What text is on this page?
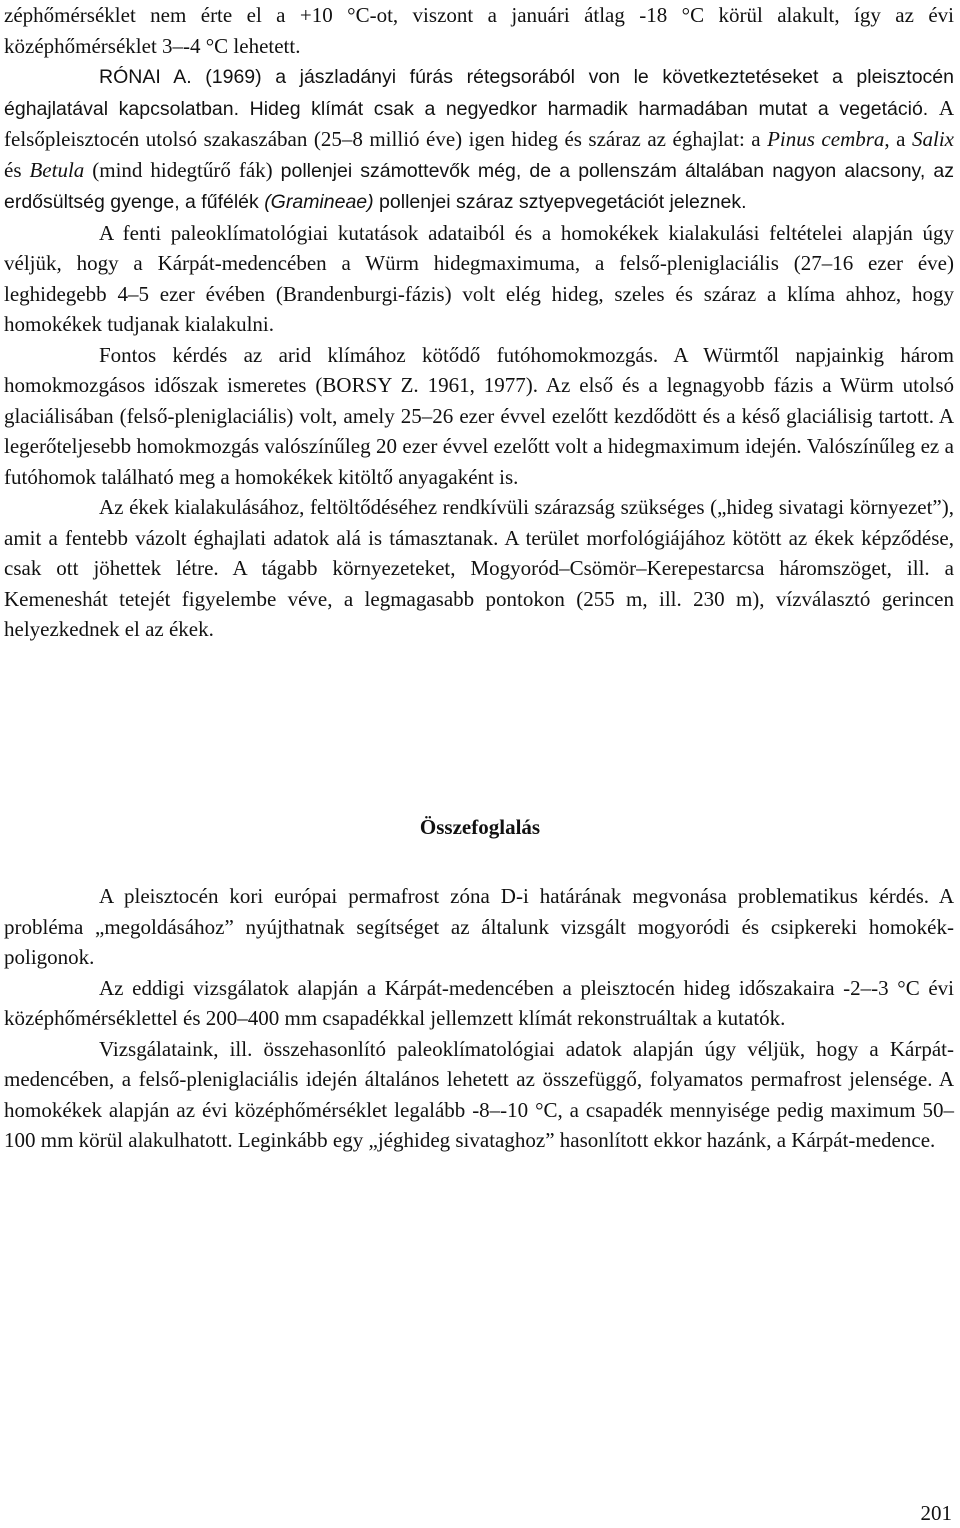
zéphőmérséklet nem érte el a +10 °C-ot, viszont a januári átlag -18 °C körül alakult, így az évi középhőmérséklet 3–-4 °C lehetett.

RÓNAI A. (1969) a jászladányi fúrás rétegsorából von le következtetéseket a pleisztocén éghajlatával kapcsolatban. Hideg klímát csak a negyedkor harmadik harmadában mutat a vegetáció. A felsőpleisztocén utolsó szakaszában (25–8 millió éve) igen hideg és száraz az éghajlat: a Pinus cembra, a Salix és Betula (mind hidegtűrő fák) pollenjei számottevők még, de a pollenszám általában nagyon alacsony, az erdősültség gyenge, a fűfélék (Gramineae) pollenjei száraz sztyepvegetációt jeleznek.

A fenti paleoklímatológiai kutatások adataiból és a homokékek kialakulási feltételei alapján úgy véljük, hogy a Kárpát-medencében a Würm hidegmaximuma, a felső-pleniglaciális (27–16 ezer éve) leghidegebb 4–5 ezer évében (Brandenburgi-fázis) volt elég hideg, szeles és száraz a klíma ahhoz, hogy homokékek tudjanak kialakulni.

Fontos kérdés az arid klímához kötődő futóhomokmozgás. A Würmtől napjainkig három homokmozgásos időszak ismeretes (BORSY Z. 1961, 1977). Az első és a legnagyobb fázis a Würm utolsó glaciálisában (felső-pleniglaciális) volt, amely 25–26 ezer évvel ezelőtt kezdődött és a késő glaciálisig tartott. A legerőteljesebb homokmozgás valószínűleg 20 ezer évvel ezelőtt volt a hidegmaximum idején. Valószínűleg ez a futóhomok található meg a homokékek kitöltő anyagaként is.

Az ékek kialakulásához, feltöltődéséhez rendkívüli szárazság szükséges („hideg sivatagi környezet”), amit a fentebb vázolt éghajlati adatok alá is támasztanak. A terület morfológiájához kötött az ékek képződése, csak ott jöhettek létre. A tágabb környezeteket, Mogyoród–Csömör–Kerepestarcsa háromszöget, ill. a Kemeneshát tetejét figyelembe véve, a legmagasabb pontokon (255 m, ill. 230 m), vízválasztó gerincen helyezkednek el az ékek.

Összefoglalás

A pleisztocén kori európai permafrost zóna D-i határának megvonása problematikus kérdés. A probléma „megoldásához” nyújthatnak segítséget az általunk vizsgált mogyoródi és csipkereki homokék-poligonok.

Az eddigi vizsgálatok alapján a Kárpát-medencében a pleisztocén hideg időszakaira -2–-3 °C évi középhőmérséklettel és 200–400 mm csapadékkal jellemzett klímát rekonstruáltak a kutatók.

Vizsgálataink, ill. összehasonlító paleoklímatológiai adatok alapján úgy véljük, hogy a Kárpát-medencében, a felső-pleniglaciális idején általános lehetett az összefüggő, folyamatos permafrost jelensége. A homokékek alapján az évi középhőmérséklet legalább -8–-10 °C, a csapadék mennyisége pedig maximum 50–100 mm körül alakulhatott. Leginkább egy „jéghideg sivataghoz” hasonlított ekkor hazánk, a Kárpát-medence.

201
